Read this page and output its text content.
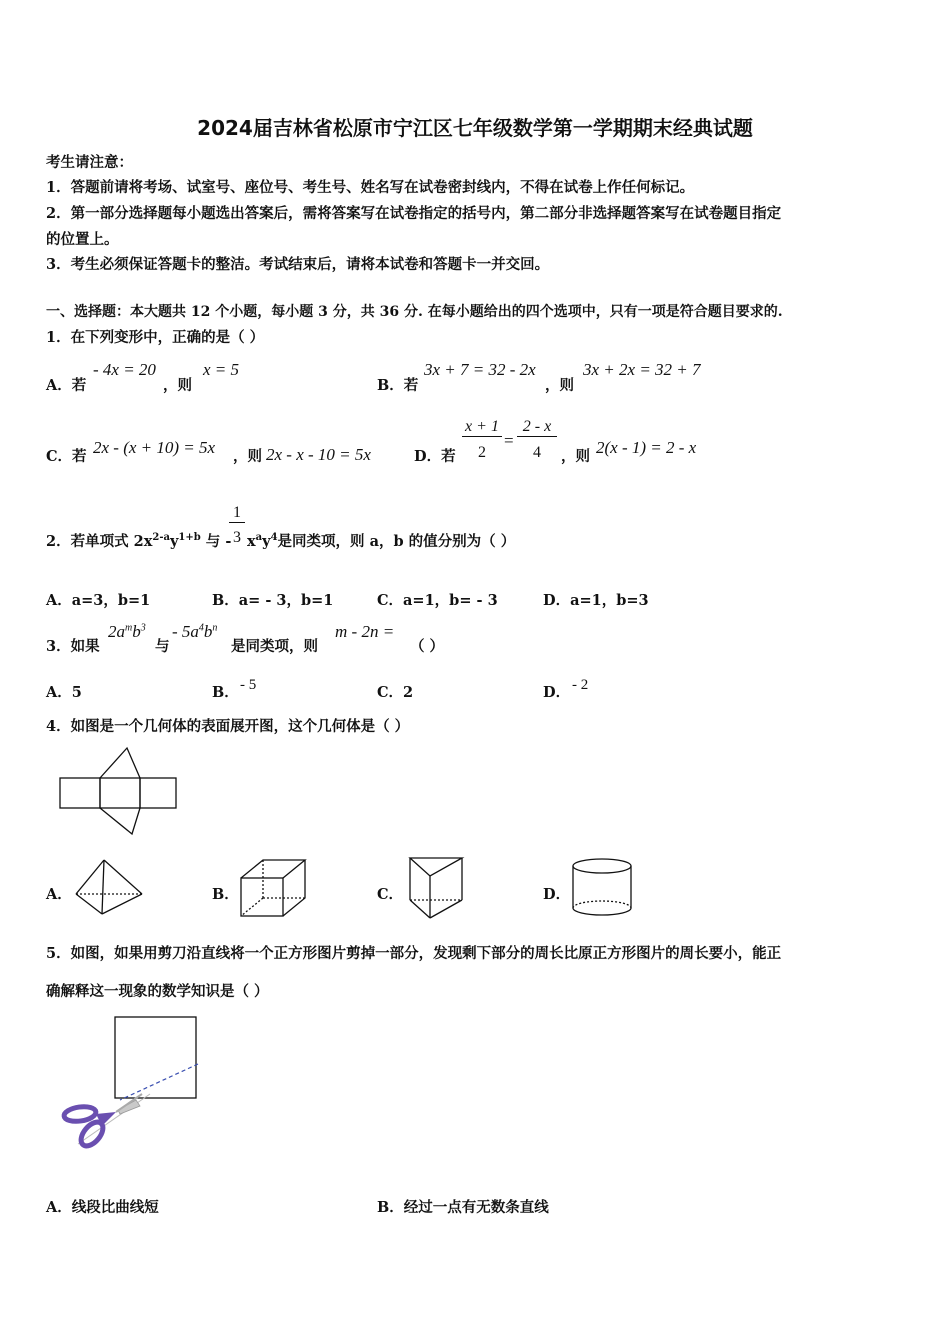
2024届吉林省松原市宁江区七年级数学第一学期期末经典试题
考生请注意：
1．答题前请将考场、试室号、座位号、考生号、姓名写在试卷密封线内，不得在试卷上作任何标记。
2．第一部分选择题每小题选出答案后，需将答案写在试卷指定的括号内，第二部分非选择题答案写在试卷题目指定
的位置上。
3．考生必须保证答题卡的整洁。考试结束后，请将本试卷和答题卡一并交回。
一、选择题：本大题共 12 个小题，每小题 3 分，共 36 分. 在每小题给出的四个选项中，只有一项是符合题目要求的.
1．在下列变形中，正确的是（ ）
A．若
- 4x = 20
，则
x = 5
B．若
3x + 7 = 32 - 2x
，则
3x + 2x = 32 + 7
C．若 2x - (x + 10) = 5x ，则 2x - x - 10 = 5x	D．若
x + 1
2
=
2 - x
4	，则 2(x - 1) = 2 - x
2．若单项式 $2x^{2-a}y^{1+b}$ 与 -
1
3 $x^ay^4$是同类项，则 a，b 的值分别为（ ）
A．a=3，b=1	B．a= - 3，b=1	C．a=1，b= - 3	D．a=1，b=3
3．如果
$2a^mb^3$
与
- $5a^4b^n$
是同类项，则
m - 2n =
（ ）
A．5	B． - 5	C．2	D． - 2
4．如图是一个几何体的表面展开图，这个几何体是（ ）
A．	B．	C．	D．
5．如图，如果用剪刀沿直线将一个正方形图片剪掉一部分，发现剩下部分的周长比原正方形图片的周长要小，能正
确解释这一现象的数学知识是（ ）
A．线段比曲线短	B．经过一点有无数条直线
